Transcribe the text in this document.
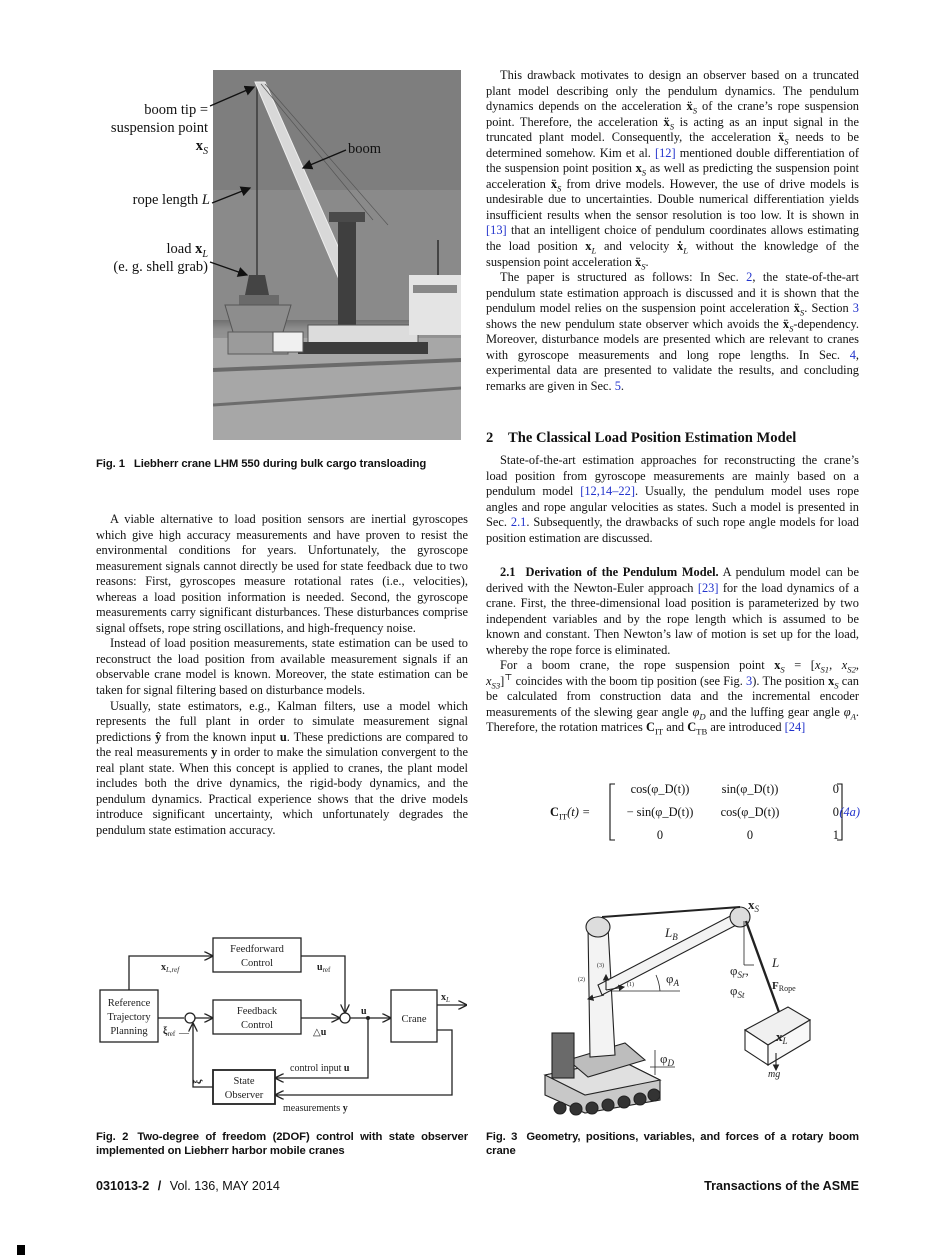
boom tip =
suspension point
$x_S$	boom
rope length L
load $x_L$
(e. g. shell grab)
Fig. 1 Liebherr crane LHM 550 during bulk cargo transloading

A viable alternative to load position sensors are inertial gyroscopes which give high accuracy measurements and have proven to resist the environmental conditions for years. Unfortunately, the gyroscope measurement signals cannot directly be used for state feedback due to two reasons: First, gyroscopes measure rotational rates (i.e., velocities), whereas a load position information is needed. Second, the gyroscope measurements carry significant disturbances. These disturbances comprise signal offsets, rope string oscillations, and high-frequency noise.

Instead of load position measurements, state estimation can be used to reconstruct the load position from available measurement signals if an observable crane model is known. Moreover, the state estimation can be taken for signal filtering based on disturbance models.

Usually, state estimators, e.g., Kalman filters, use a model which represents the full plant in order to simulate measurement signal predictions ŷ from the known input u. These predictions are compared to the real measurements y in order to make the simulation convergent to the real plant state. When this concept is applied to cranes, the plant model includes both the drive dynamics, the rigid-body dynamics, and the pendulum dynamics. Practical experience shows that the drive models introduce significant uncertainty, which unfortunately degrades the pendulum state estimation accuracy.

This drawback motivates to design an observer based on a truncated plant model describing only the pendulum dynamics. The pendulum dynamics depends on the acceleration ẍ$_S$ of the crane’s rope suspension point. Therefore, the acceleration ẍ$_S$ is acting as an input signal in the truncated plant model. Consequently, the acceleration ẍ$_S$ needs to be determined somehow. Kim et al. [12] mentioned double differentiation of the suspension point position $x_S$ as well as predicting the suspension point acceleration ẍ$_S$ from drive models. However, the use of drive models is undesirable due to uncertainties. Double numerical differentiation yields insufficient results when the sensor resolution is too low. It is shown in [13] that an intelligent choice of pendulum coordinates allows estimating the load position $x_L$ and velocity ẋ$_L$ without the knowledge of the suspension point acceleration ẍ$_S$.

The paper is structured as follows: In Sec. 2, the state-of-the-art pendulum state estimation approach is discussed and it is shown that the pendulum model relies on the suspension point acceleration ẍ$_S$. Section 3 shows the new pendulum state observer which avoids the ẍ$_S$-dependency. Moreover, disturbance models are presented which are relevant to cranes with gyroscope measurements and long rope lengths. In Sec. 4, experimental data are presented to validate the results, and concluding remarks are given in Sec. 5.

2 The Classical Load Position Estimation Model

State-of-the-art estimation approaches for reconstructing the crane’s load position from gyroscope measurements are mainly based on a pendulum model [12,14–22]. Usually, the pendulum model uses rope angles and rope angular velocities as states. Such a model is presented in Sec. 2.1. Subsequently, the drawbacks of such rope angle models for load position estimation are discussed.

2.1 Derivation of the Pendulum Model. A pendulum model can be derived with the Newton-Euler approach [23] for the load dynamics of a crane. First, the three-dimensional load position is parameterized by two independent variables and by the rope length which is assumed to be known and constant. Then Newton’s law of motion is set up for the load, whereby the rope force is eliminated.

For a boom crane, the rope suspension point $x_S = [x_{S1}$, $x_{S2}$, $x_{S3}]^⊤$ coincides with the boom tip position (see Fig. 3). The position $x_S$ can be calculated from construction data and the incremental encoder measurements of the slewing gear angle $\varphi_D$ and the luffing gear angle $\varphi_A$. Therefore, the rotation matrices $C_{IT}$ and $C_{TB}$ are introduced [24]

$C_{IT}(t)$ =
cos(φ_D(t))	sin(φ_D(t))	0
− sin(φ_D(t))	cos(φ_D(t))	0
0	0	1
(4a)
Reference
Trajectory
Planning
Feedforward
Control
Feedback
Control
Crane
State
Observer
$x_{L,ref}$	$u_{ref}$
$\xi_{ref}$ —	△u
u
$x_L$
ξ
control input u
measurements y
Fig. 2 Two-degree of freedom (2DOF) control with state observer implemented on Liebherr harbor mobile cranes
$x_S$
$L_B$
$\varphi_A$
$\varphi_{Sr}$,
$\varphi_{St}$
L
FRope
$x_L$
mg
$\varphi_D$
(2)
(3)
(1)
Fig. 3 Geometry, positions, variables, and forces of a rotary boom crane
031013-2 / Vol. 136, MAY 2014	Transactions of the ASME
